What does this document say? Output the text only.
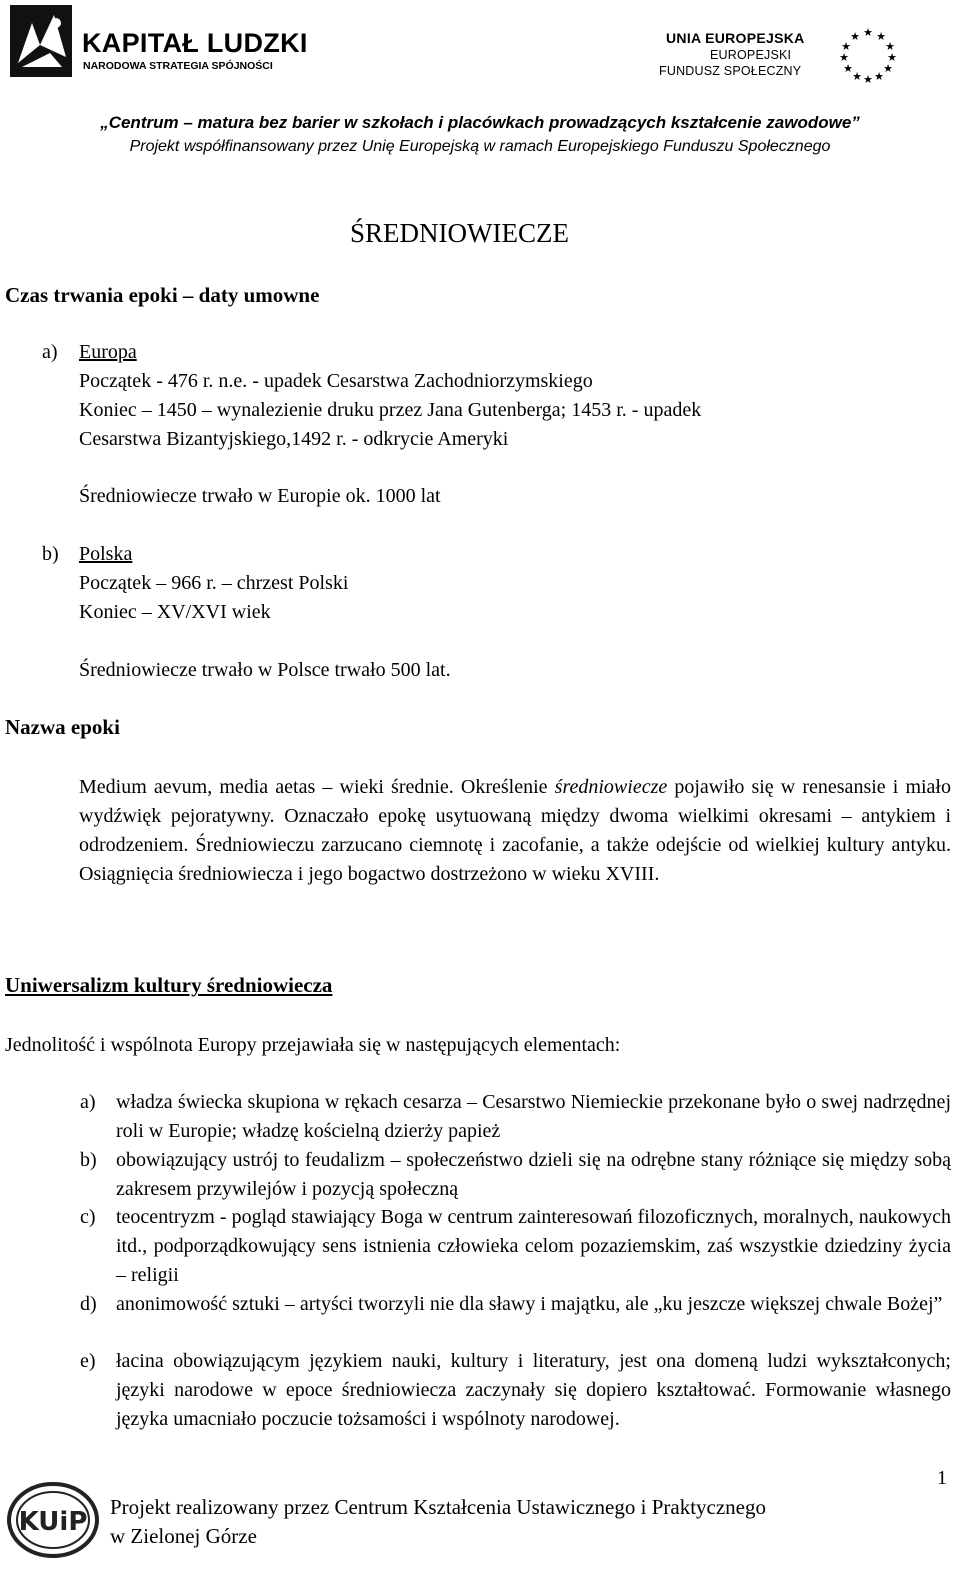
KAPITAŁ LUDZKI
NARODOWA STRATEGIA SPÓJNOŚCI
UNIA EUROPEJSKA
EUROPEJSKI
FUNDUSZ SPOŁECZNY
★ ★
★
★
★
★
★
★
★
★
★
★
„Centrum – matura bez barier w szkołach i placówkach prowadzących kształcenie zawodowe”
Projekt współfinansowany przez Unię Europejską w ramach Europejskiego Funduszu Społecznego
ŚREDNIOWIECZE
Czas trwania epoki – daty umowne
a) Europa
Początek - 476 r. n.e. - upadek Cesarstwa Zachodniorzymskiego
Koniec – 1450 – wynalezienie druku przez Jana Gutenberga; 1453 r. - upadek
Cesarstwa Bizantyjskiego,1492 r. - odkrycie Ameryki
Średniowiecze trwało w Europie ok. 1000 lat
b) Polska
Początek – 966 r. – chrzest Polski
Koniec – XV/XVI wiek
Średniowiecze trwało w Polsce trwało 500 lat.
Nazwa epoki
Medium aevum, media aetas – wieki średnie. Określenie średniowiecze pojawiło się w renesansie i miało wydźwięk pejoratywny. Oznaczało epokę usytuowaną między dwoma wielkimi okresami – antykiem i odrodzeniem. Średniowieczu zarzucano ciemnotę i zacofanie, a także odejście od wielkiej kultury antyku. Osiągnięcia średniowiecza i jego bogactwo dostrzeżono w wieku XVIII.
Uniwersalizm kultury średniowiecza
Jednolitość i wspólnota Europy przejawiała się w następujących elementach:
a) władza świecka skupiona w rękach cesarza – Cesarstwo Niemieckie przekonane było o swej nadrzędnej roli w Europie; władzę kościelną dzierży papież
b) obowiązujący ustrój to feudalizm – społeczeństwo dzieli się na odrębne stany różniące się między sobą zakresem przywilejów i pozycją społeczną
c) teocentryzm - pogląd stawiający Boga w centrum zainteresowań filozoficznych, moralnych, naukowych itd., podporządkowujący sens istnienia człowieka celom pozaziemskim, zaś wszystkie dziedziny życia – religii
d) anonimowość sztuki – artyści tworzyli nie dla sławy i majątku, ale „ku jeszcze większej chwale Bożej”
e) łacina obowiązującym językiem nauki, kultury i literatury, jest ona domeną ludzi wykształconych; języki narodowe w epoce średniowiecza zaczynały się dopiero kształtować. Formowanie własnego języka umacniało poczucie tożsamości i wspólnoty narodowej.
1
KUiP Projekt realizowany przez Centrum Kształcenia Ustawicznego i Praktycznego
w Zielonej Górze
